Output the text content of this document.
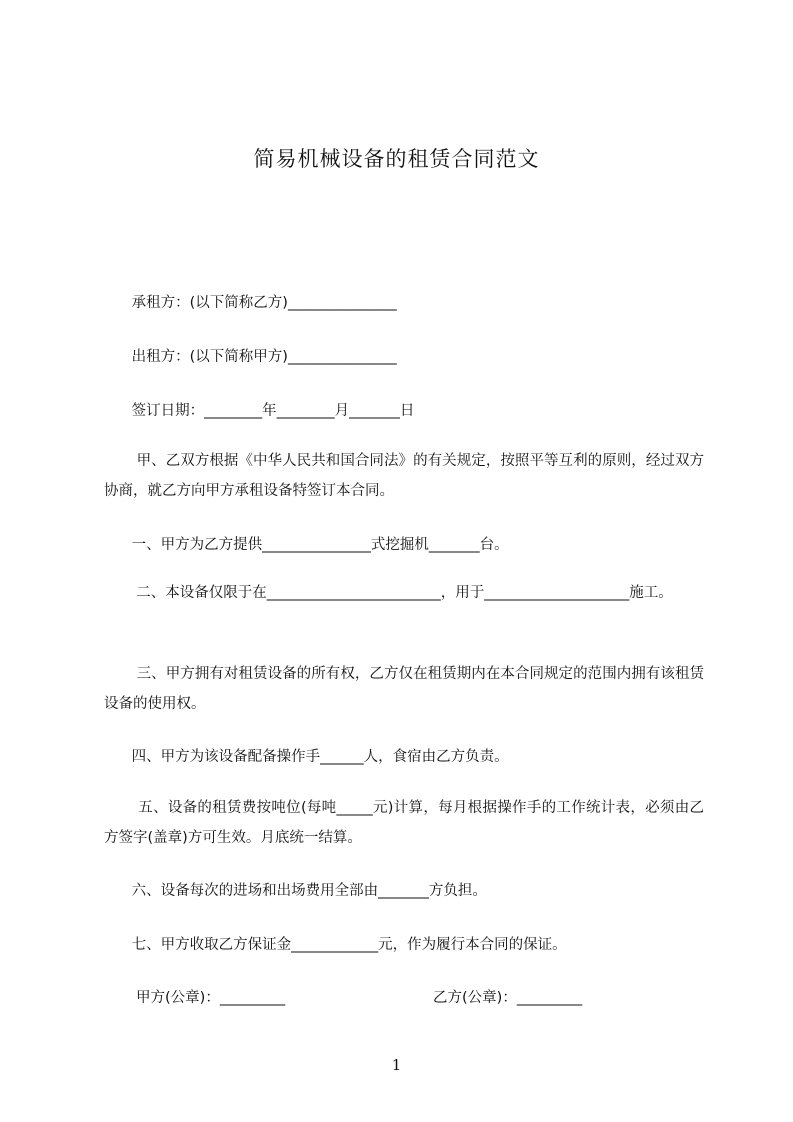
简易机械设备的租赁合同范文
承租方：(以下简称乙方)_______________
出租方：(以下简称甲方)_______________
签订日期：________年________月_______日
甲、乙双方根据《中华人民共和国合同法》的有关规定，按照平等互利的原则，经过双方协商，就乙方向甲方承租设备特签订本合同。
一、甲方为乙方提供_______________式挖掘机_______台。
二、本设备仅限于在________________________，用于____________________施工。
三、甲方拥有对租赁设备的所有权，乙方仅在租赁期内在本合同规定的范围内拥有该租赁设备的使用权。
四、甲方为该设备配备操作手______人，食宿由乙方负责。
五、设备的租赁费按吨位(每吨_____元)计算，每月根据操作手的工作统计表，必须由乙方签字(盖章)方可生效。月底统一结算。
六、设备每次的进场和出场费用全部由_______方负担。
七、甲方收取乙方保证金____________元，作为履行本合同的保证。
甲方(公章)：_________	乙方(公章)：_________
1
